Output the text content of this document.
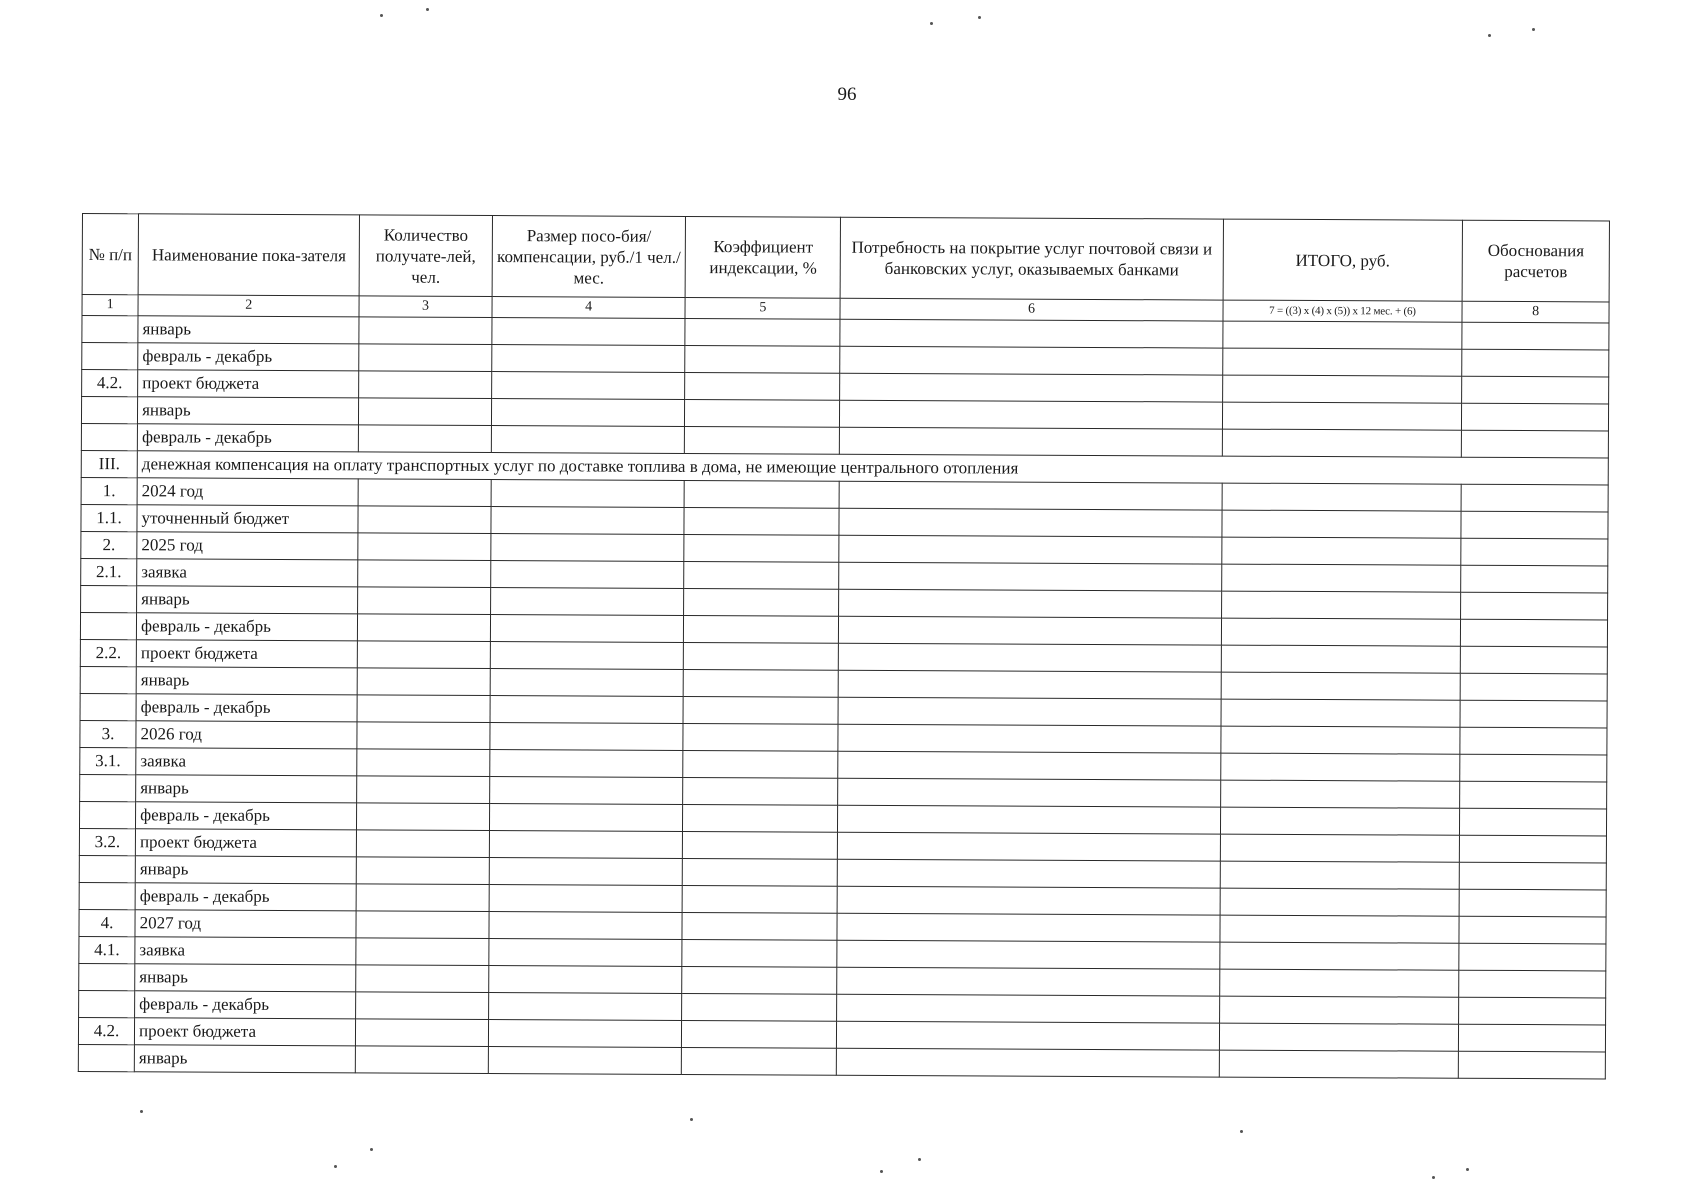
96
№ п/п	Наименование пока-зателя	Количество получате-лей, чел.	Размер посо-бия/компенсации, руб./1 чел./мес.	Коэффициент индексации, %	Потребность на покрытие услуг почтовой связи и банковских услуг, оказываемых банками	ИТОГО, руб.	Обоснования расчетов
1	2	3	4	5	6	7 = ((3) x (4) x (5)) x 12 мес. + (6)	8
	январь						
	февраль - декабрь						
4.2.	проект бюджета						
	январь						
	февраль - декабрь						
III.	денежная компенсация на оплату транспортных услуг по доставке топлива в дома, не имеющие центрального отопления						
1.	2024 год						
1.1.	уточненный бюджет						
2.	2025 год						
2.1.	заявка						
	январь						
	февраль - декабрь						
2.2.	проект бюджета						
	январь						
	февраль - декабрь						
3.	2026 год						
3.1.	заявка						
	январь						
	февраль - декабрь						
3.2.	проект бюджета						
	январь						
	февраль - декабрь						
4.	2027 год						
4.1.	заявка						
	январь						
	февраль - декабрь						
4.2.	проект бюджета						
	январь						
